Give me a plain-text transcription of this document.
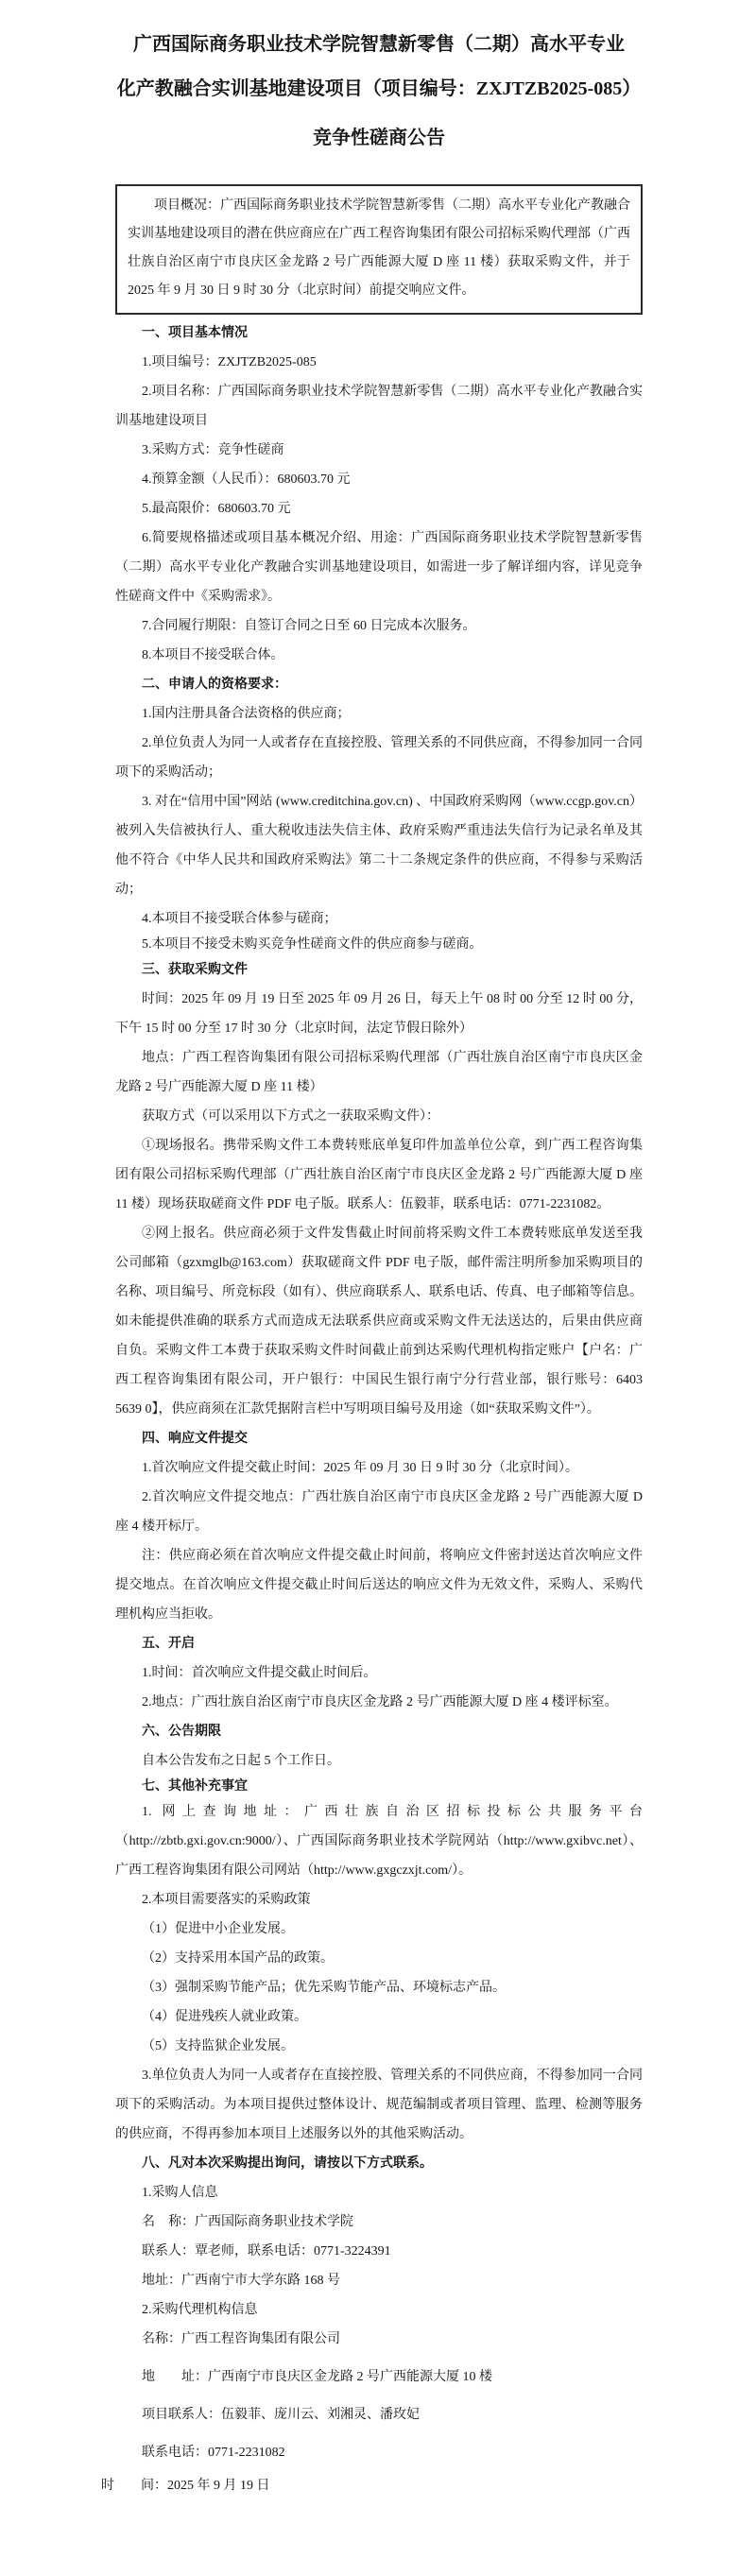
广西国际商务职业技术学院智慧新零售（二期）高水平专业
化产教融合实训基地建设项目（项目编号：ZXJTZB2025-085）
竞争性磋商公告
项目概况：广西国际商务职业技术学院智慧新零售（二期）高水平专业化产教融合实训基地建设项目的潜在供应商应在广西工程咨询集团有限公司招标采购代理部（广西壮族自治区南宁市良庆区金龙路 2 号广西能源大厦 D 座 11 楼）获取采购文件，并于 2025 年 9 月 30 日 9 时 30 分（北京时间）前提交响应文件。

一、项目基本情况

1.项目编号：ZXJTZB2025-085

2.项目名称：广西国际商务职业技术学院智慧新零售（二期）高水平专业化产教融合实训基地建设项目

3.采购方式：竞争性磋商

4.预算金额（人民币）：680603.70 元

5.最高限价：680603.70 元

6.简要规格描述或项目基本概况介绍、用途：广西国际商务职业技术学院智慧新零售（二期）高水平专业化产教融合实训基地建设项目，如需进一步了解详细内容，详见竞争性磋商文件中《采购需求》。

7.合同履行期限：自签订合同之日至 60 日完成本次服务。

8.本项目不接受联合体。

二、申请人的资格要求：

1.国内注册具备合法资格的供应商；

2.单位负责人为同一人或者存在直接控股、管理关系的不同供应商，不得参加同一合同项下的采购活动；

3. 对在“信用中国”网站 (www.creditchina.gov.cn) 、中国政府采购网（www.ccgp.gov.cn）被列入失信被执行人、重大税收违法失信主体、政府采购严重违法失信行为记录名单及其他不符合《中华人民共和国政府采购法》第二十二条规定条件的供应商，不得参与采购活动；

4.本项目不接受联合体参与磋商；

5.本项目不接受未购买竞争性磋商文件的供应商参与磋商。

三、获取采购文件

时间：2025 年 09 月 19 日至 2025 年 09 月 26 日，每天上午 08 时 00 分至 12 时 00 分，下午 15 时 00 分至 17 时 30 分（北京时间，法定节假日除外）

地点：广西工程咨询集团有限公司招标采购代理部（广西壮族自治区南宁市良庆区金龙路 2 号广西能源大厦 D 座 11 楼）

获取方式（可以采用以下方式之一获取采购文件）：

①现场报名。携带采购文件工本费转账底单复印件加盖单位公章，到广西工程咨询集团有限公司招标采购代理部（广西壮族自治区南宁市良庆区金龙路 2 号广西能源大厦 D 座 11 楼）现场获取磋商文件 PDF 电子版。联系人：伍毅菲，联系电话：0771-2231082。

②网上报名。供应商必须于文件发售截止时间前将采购文件工本费转账底单发送至我公司邮箱（gzxmglb@163.com）获取磋商文件 PDF 电子版，邮件需注明所参加采购项目的名称、项目编号、所竞标段（如有）、供应商联系人、联系电话、传真、电子邮箱等信息。如未能提供准确的联系方式而造成无法联系供应商或采购文件无法送达的，后果由供应商自负。采购文件工本费于获取采购文件时间截止前到达采购代理机构指定账户【户名：广西工程咨询集团有限公司，开户银行：中国民生银行南宁分行营业部，银行账号：6403 5639 0】，供应商须在汇款凭据附言栏中写明项目编号及用途（如“获取采购文件”）。

四、响应文件提交

1.首次响应文件提交截止时间：2025 年 09 月 30 日 9 时 30 分（北京时间）。

2.首次响应文件提交地点：广西壮族自治区南宁市良庆区金龙路 2 号广西能源大厦 D 座 4 楼开标厅。

注：供应商必须在首次响应文件提交截止时间前，将响应文件密封送达首次响应文件提交地点。在首次响应文件提交截止时间后送达的响应文件为无效文件，采购人、采购代理机构应当拒收。

五、开启

1.时间：首次响应文件提交截止时间后。

2.地点：广西壮族自治区南宁市良庆区金龙路 2 号广西能源大厦 D 座 4 楼评标室。

六、公告期限

自本公告发布之日起 5 个工作日。

七、其他补充事宜

1. 网上查询地址：广西壮族自治区招标投标公共服务平台（http://zbtb.gxi.gov.cn:9000/）、广西国际商务职业技术学院网站（http://www.gxibvc.net）、广西工程咨询集团有限公司网站（http://www.gxgczxjt.com/）。

2.本项目需要落实的采购政策

（1）促进中小企业发展。

（2）支持采用本国产品的政策。

（3）强制采购节能产品；优先采购节能产品、环境标志产品。

（4）促进残疾人就业政策。

（5）支持监狱企业发展。

3.单位负责人为同一人或者存在直接控股、管理关系的不同供应商，不得参加同一合同项下的采购活动。为本项目提供过整体设计、规范编制或者项目管理、监理、检测等服务的供应商，不得再参加本项目上述服务以外的其他采购活动。

八、凡对本次采购提出询问，请按以下方式联系。

1.采购人信息

名　称：广西国际商务职业技术学院

联系人：覃老师，联系电话：0771-3224391

地址：广西南宁市大学东路 168 号

2.采购代理机构信息

名称：广西工程咨询集团有限公司

地　　址：广西南宁市良庆区金龙路 2 号广西能源大厦 10 楼

项目联系人：伍毅菲、庞川云、刘湘灵、潘玫妃

联系电话：0771-2231082

时　　间：2025 年 9 月 19 日
